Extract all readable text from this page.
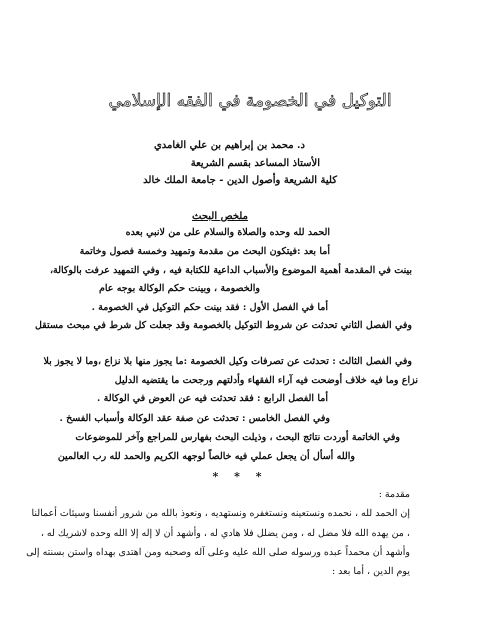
التوكيل في الخصومة في الفقه الإسلامي
د. محمد بن إبراهيم بن علي الغامدي
الأستاذ المساعد بقسم الشريعة
كلية الشريعة وأصول الدين - جامعة الملك خالد
ملخص البحث
الحمد لله وحده والصلاة والسلام على من لانبي بعده
أما بعد :فيتكون البحث من مقدمة وتمهيد وخمسة فصول وخاتمة
بينت في المقدمة أهمية الموضوع والأسباب الداعية للكتابة فيه ، وفي التمهيد عرفت بالوكالة،
والخصومة ، وبينت حكم الوكالة بوجه عام
أما في الفصل الأول : فقد بينت حكم التوكيل في الخصومة .
وفي الفصل الثاني تحدثت عن شروط التوكيل بالخصومة وقد جعلت كل شرط في مبحث مستقل
وفي الفصل الثالث : تحدثت عن تصرفات وكيل الخصومة :ما يجوز منها بلا نزاع ،وما لا يجوز بلا
نزاع وما فيه خلاف أوضحت فيه آراء الفقهاء وأدلتهم ورجحت ما يقتضيه الدليل
أما الفصل الرابع : فقد تحدثت فيه عن العوض في الوكالة .
وفي الفصل الخامس : تحدثت عن صفة عقد الوكالة وأسباب الفسخ .
وفي الخاتمة أوردت نتائج البحث ، وذيلت البحث بفهارس للمراجع وآخر للموضوعات
والله أسأل أن يجعل عملي فيه خالصاً لوجهه الكريم والحمد لله رب العالمين
* * *
مقدمة :
إن الحمد لله ، نحمده ونستعينه ونستغفره ونستهديه ، ونعوذ بالله من شرور أنفسنا وسيئات أعمالنا
، من يهده الله فلا مضل له ، ومن يضلل فلا هادي له ، وأشهد أن لا إله إلا الله وحده لاشريك له ،
وأشهد أن محمداً عبده ورسوله صلى الله عليه وعلى آله وصحبه ومن اهتدى بهداه واستن بسنته إلى
يوم الدين ، أما بعد :
